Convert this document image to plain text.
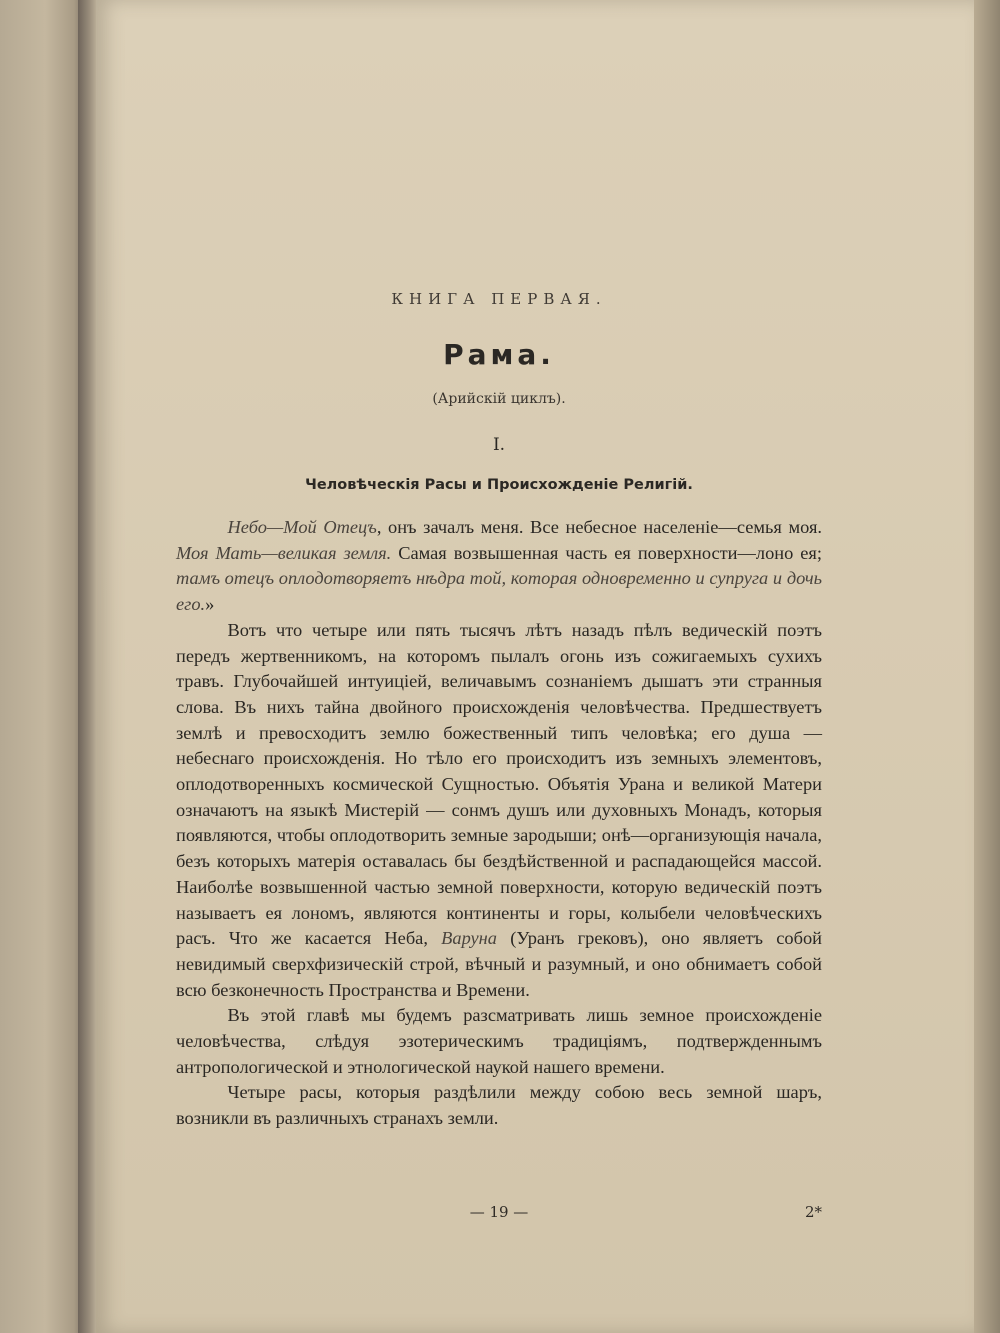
КНИГА ПЕРВАЯ.

Рама.

(Арийскій циклъ).

I.

Человѣческія Расы и Происхожденіе Религій.

Небо—Мой Отецъ, онъ зачалъ меня. Все небесное населеніе—семья моя. Моя Мать—великая земля. Самая возвышенная часть ея поверхности—лоно ея; тамъ отецъ оплодотворяетъ нѣдра той, которая одновременно и супруга и дочь его.»

Вотъ что четыре или пять тысячъ лѣтъ назадъ пѣлъ ведическій поэтъ передъ жертвенникомъ, на которомъ пылалъ огонь изъ сожигаемыхъ сухихъ травъ. Глубочайшей интуиціей, величавымъ сознаніемъ дышатъ эти странныя слова. Въ нихъ тайна двойного происхожденія человѣчества. Предшествуетъ землѣ и превосходитъ землю божественный типъ человѣка; его душа — небеснаго происхожденія. Но тѣло его происходитъ изъ земныхъ элементовъ, оплодотворенныхъ космической Сущностью. Объятія Урана и великой Матери означаютъ на языкѣ Мистерій — сонмъ душъ или духовныхъ Монадъ, которыя появляются, чтобы оплодотворить земные зародыши; онѣ—организующія начала, безъ которыхъ матерія оставалась бы бездѣйственной и распадающейся массой. Наиболѣе возвышенной частью земной поверхности, которую ведическій поэтъ называетъ ея лономъ, являются континенты и горы, колыбели человѣческихъ расъ. Что же касается Неба, Варуна (Уранъ грековъ), оно являетъ собой невидимый сверхфизическій строй, вѣчный и разумный, и оно обнимаетъ собой всю безконечность Пространства и Времени.

Въ этой главѣ мы будемъ разсматривать лишь земное происхожденіе человѣчества, слѣдуя эзотерическимъ традиціямъ, подтвержденнымъ антропологической и этнологической наукой нашего времени.

Четыре расы, которыя раздѣлили между собою весь земной шаръ, возникли въ различныхъ странахъ земли.

— 19 —	2*
